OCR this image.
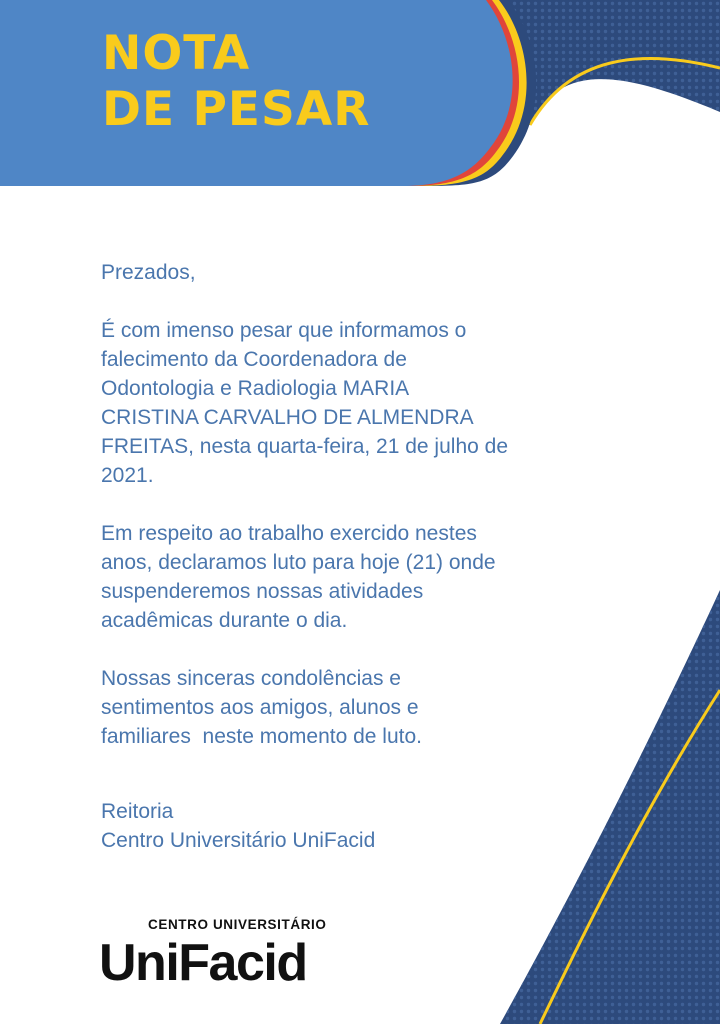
NOTA
DE PESAR

Prezados,

É com imenso pesar que informamos o

falecimento da Coordenadora de

Odontologia e Radiologia MARIA

CRISTINA CARVALHO DE ALMENDRA

FREITAS, nesta quarta-feira, 21 de julho de

2021.

Em respeito ao trabalho exercido nestes

anos, declaramos luto para hoje (21) onde

suspenderemos nossas atividades

acadêmicas durante o dia.

Nossas sinceras condolências e

sentimentos aos amigos, alunos e

familiares  neste momento de luto.

Reitoria

Centro Universitário UniFacid

CENTRO UNIVERSITÁRIO
UniFacid
